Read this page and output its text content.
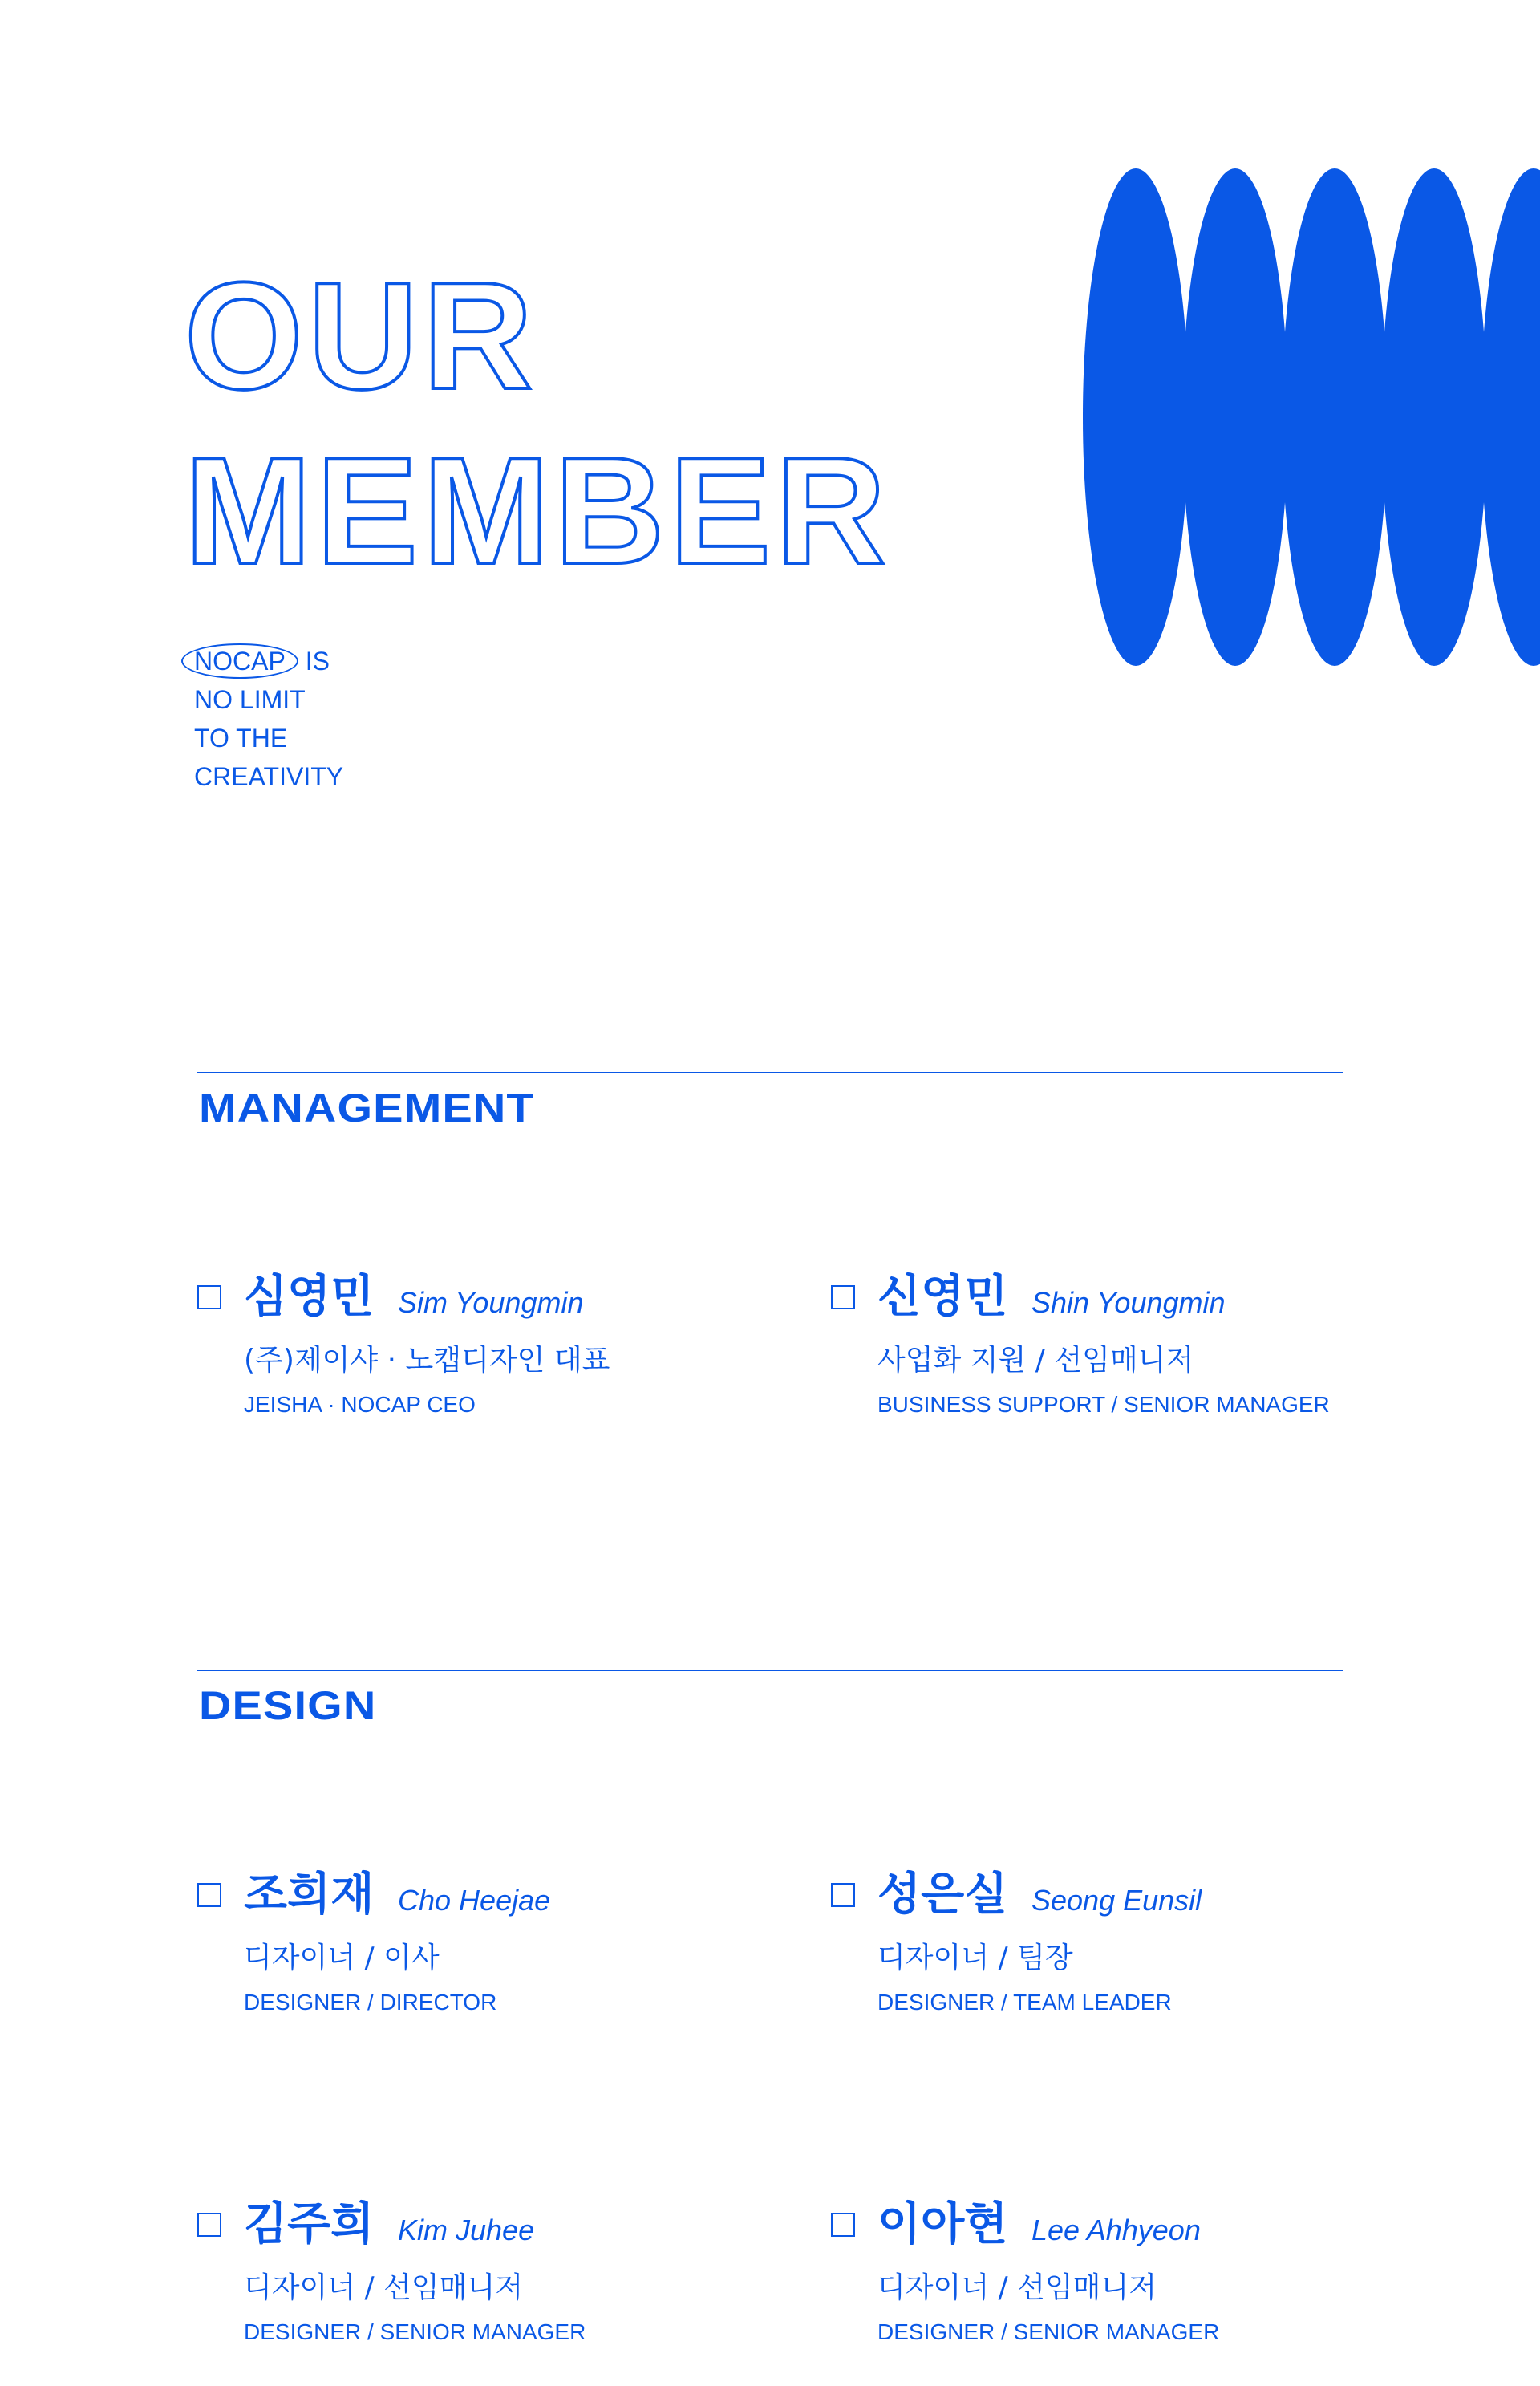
OUR
MEMBER
NOCAP IS
NO LIMIT
TO THE
CREATIVITY
MANAGEMENT
심영민 Sim Youngmin
(주)제이샤 · 노캡디자인 대표
JEISHA · NOCAP CEO
신영민 Shin Youngmin
사업화 지원 / 선임매니저
BUSINESS SUPPORT / SENIOR MANAGER
DESIGN
조희재 Cho Heejae
디자이너 / 이사
DESIGNER / DIRECTOR
성은실 Seong Eunsil
디자이너 / 팀장
DESIGNER / TEAM LEADER
김주희 Kim Juhee
디자이너 / 선임매니저
DESIGNER / SENIOR MANAGER
이아현 Lee Ahhyeon
디자이너 / 선임매니저
DESIGNER / SENIOR MANAGER
